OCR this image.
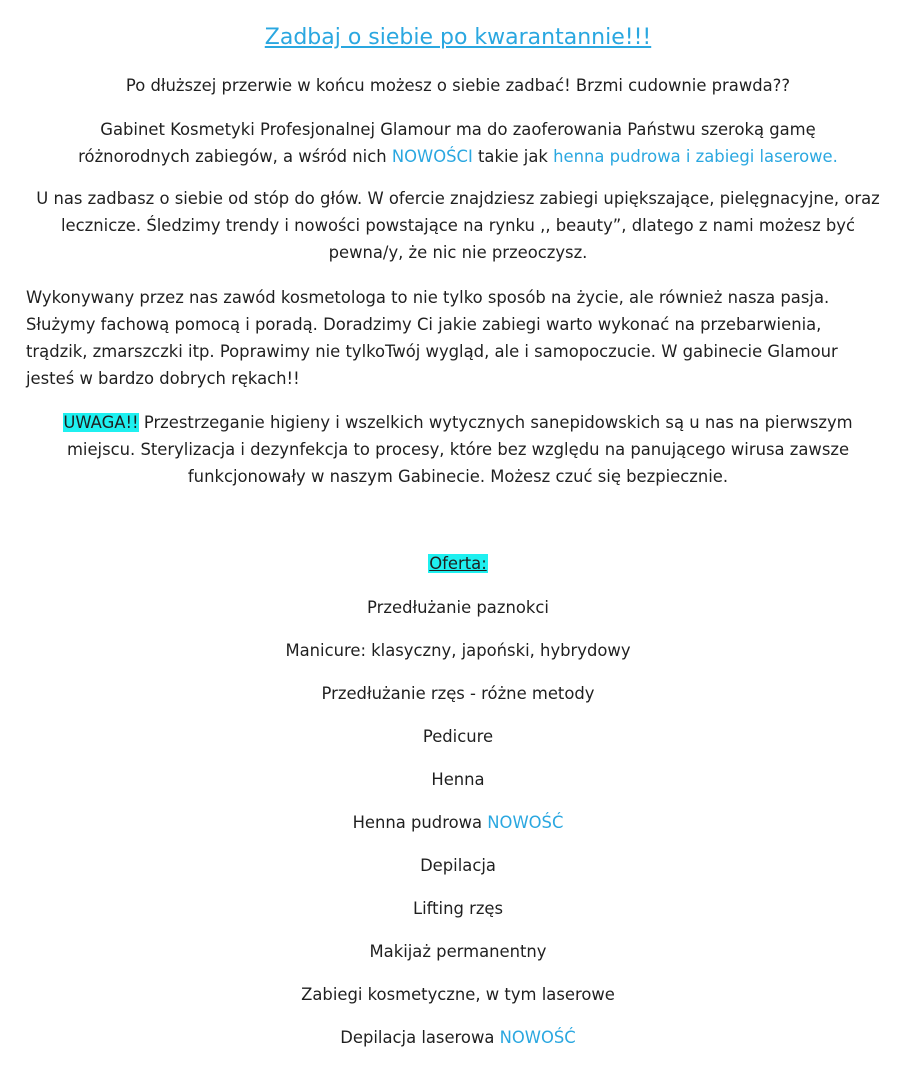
Zadbaj o siebie po kwarantannie!!!
Po dłuższej przerwie w końcu możesz o siebie zadbać! Brzmi cudownie prawda??
Gabinet Kosmetyki Profesjonalnej Glamour ma do zaoferowania Państwu szeroką gamę
różnorodnych zabiegów, a wśród nich NOWOŚCI takie jak henna pudrowa i zabiegi laserowe.
U nas zadbasz o siebie od stóp do głów. W ofercie znajdziesz zabiegi upiększające, pielęgnacyjne, oraz
lecznicze. Śledzimy trendy i nowości powstające na rynku ,, beauty”, dlatego z nami możesz być
pewna/y, że nic nie przeoczysz.
Wykonywany przez nas zawód kosmetologa to nie tylko sposób na życie, ale również nasza pasja.
Służymy fachową pomocą i poradą. Doradzimy Ci jakie zabiegi warto wykonać na przebarwienia,
trądzik, zmarszczki itp. Poprawimy nie tylkoTwój wygląd, ale i samopoczucie. W gabinecie Glamour
jesteś w bardzo dobrych rękach!!
UWAGA!! Przestrzeganie higieny i wszelkich wytycznych sanepidowskich są u nas na pierwszym
miejscu. Sterylizacja i dezynfekcja to procesy, które bez względu na panującego wirusa zawsze
funkcjonowały w naszym Gabinecie. Możesz czuć się bezpiecznie.
Oferta:
Przedłużanie paznokci
Manicure: klasyczny, japoński, hybrydowy
Przedłużanie rzęs - różne metody
Pedicure
Henna
Henna pudrowa NOWOŚĆ
Depilacja
Lifting rzęs
Makijaż permanentny
Zabiegi kosmetyczne, w tym laserowe
Depilacja laserowa NOWOŚĆ
